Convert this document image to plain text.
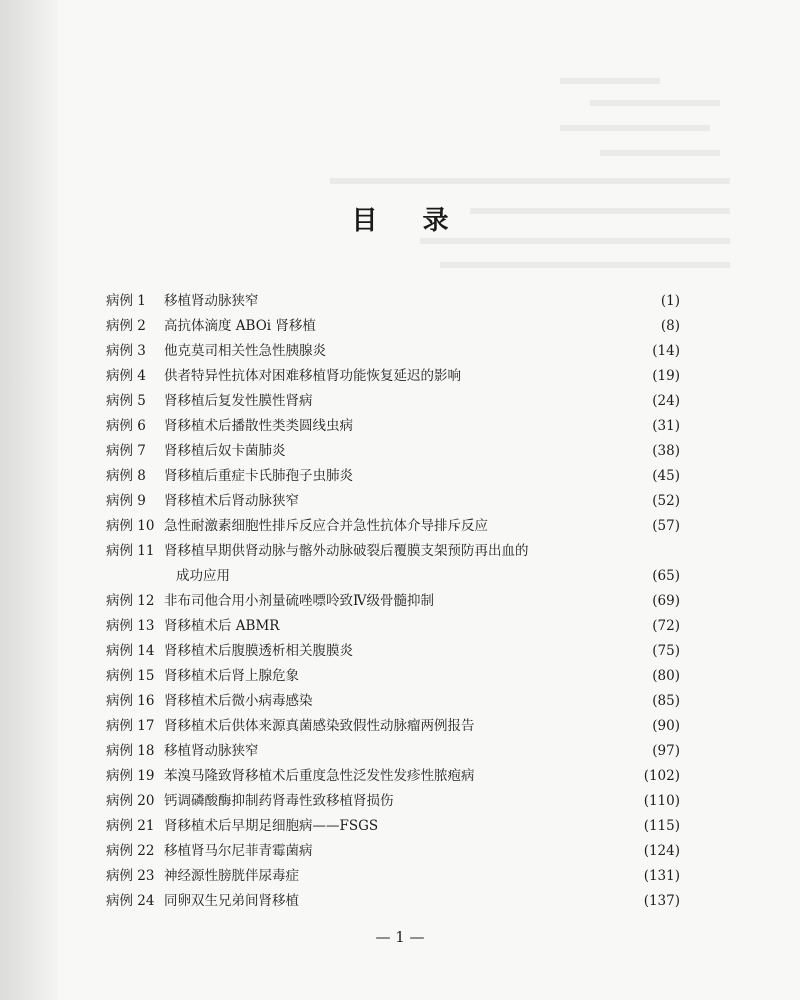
目 录
病例 1	移植肾动脉狭窄	(1)
病例 2	高抗体滴度 ABOi 肾移植	(8)
病例 3	他克莫司相关性急性胰腺炎	(14)
病例 4	供者特异性抗体对困难移植肾功能恢复延迟的影响	(19)
病例 5	肾移植后复发性膜性肾病	(24)
病例 6	肾移植术后播散性类类圆线虫病	(31)
病例 7	肾移植后奴卡菌肺炎	(38)
病例 8	肾移植后重症卡氏肺孢子虫肺炎	(45)
病例 9	肾移植术后肾动脉狭窄	(52)
病例 10 急性耐激素细胞性排斥反应合并急性抗体介导排斥反应	(57)
病例 11 肾移植早期供肾动脉与髂外动脉破裂后覆膜支架预防再出血的
成功应用	(65)
病例 12 非布司他合用小剂量硫唑嘌呤致Ⅳ级骨髓抑制	(69)
病例 13 肾移植术后 ABMR	(72)
病例 14 肾移植术后腹膜透析相关腹膜炎	(75)
病例 15 肾移植术后肾上腺危象	(80)
病例 16 肾移植术后微小病毒感染	(85)
病例 17 肾移植术后供体来源真菌感染致假性动脉瘤两例报告	(90)
病例 18 移植肾动脉狭窄	(97)
病例 19 苯溴马隆致肾移植术后重度急性泛发性发疹性脓疱病	(102)
病例 20 钙调磷酸酶抑制药肾毒性致移植肾损伤	(110)
病例 21 肾移植术后早期足细胞病——FSGS	(115)
病例 22 移植肾马尔尼菲青霉菌病	(124)
病例 23 神经源性膀胱伴尿毒症	(131)
病例 24 同卵双生兄弟间肾移植	(137)
— 1 —
